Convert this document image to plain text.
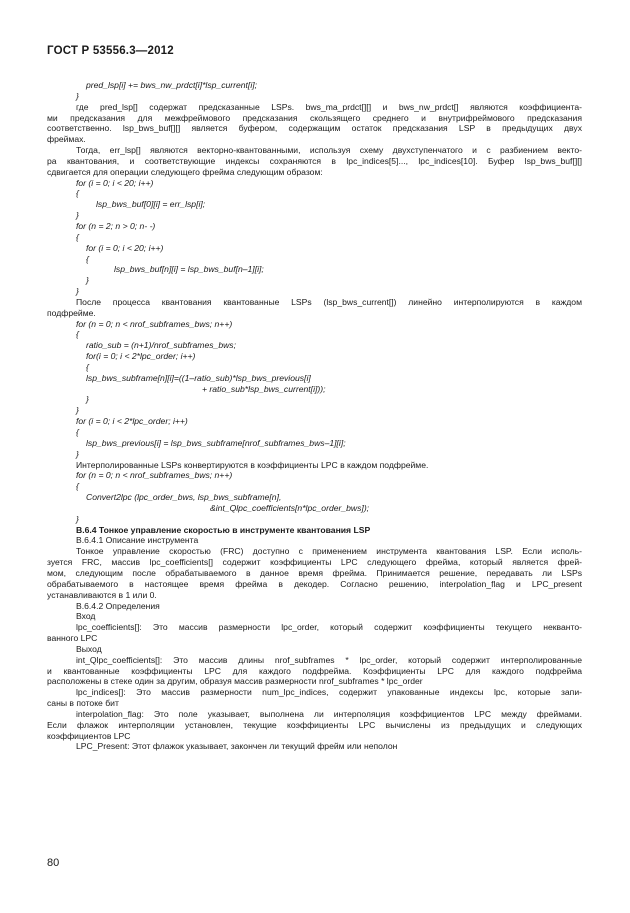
ГОСТ Р 53556.3—2012

pred_lsp[i] += bws_nw_prdct[i]*lsp_current[i];

}

где pred_lsp[] содержат предсказанные LSPs. bws_ma_prdct[][] и bws_nw_prdct[] являются коэффициента-

ми предсказания для межфреймового предсказания скользящего среднего и внутрифреймового предсказания

соответственно. lsp_bws_buf[][] является буфером, содержащим остаток предсказания LSP в предыдущих двух

фреймах.

Тогда, err_lsp[] являются векторно-квантованными, используя схему двухступенчатого и с разбиением векто-

ра квантования, и соответствующие индексы сохраняются в lpc_indices[5]..., lpc_indices[10]. Буфер lsp_bws_buf[][]

сдвигается для операции следующего фрейма следующим образом:

for (i = 0; i < 20; i++)

{

lsp_bws_buf[0][i] = err_lsp[i];

}

for (n = 2; n > 0; n- -)

{

for (i = 0; i < 20; i++)

{

lsp_bws_buf[n][i] = lsp_bws_buf[n–1][i];

}

}

После процесса квантования квантованные LSPs (lsp_bws_current[]) линейно интерполируются в каждом

подфрейме.

for (n = 0; n < nrof_subframes_bws; n++)

{

ratio_sub = (n+1)/nrof_subframes_bws;

for(i = 0; i < 2*lpc_order; i++)

{

lsp_bws_subframe[n][i]=((1–ratio_sub)*lsp_bws_previous[i]

+ ratio_sub*lsp_bws_current[i]));

}

}

for (i = 0; i < 2*lpc_order; i++)

{

lsp_bws_previous[i] = lsp_bws_subframe[nrof_subframes_bws–1][i];

}

Интерполированные LSPs конвертируются в коэффициенты LPC в каждом подфрейме.

for (n = 0; n < nrof_subframes_bws; n++)

{

Convert2lpc (lpc_order_bws, lsp_bws_subframe[n],

&int_Qlpc_coefficients[n*lpc_order_bws]);

}

B.6.4 Тонкое управление скоростью в инструменте квантования LSP

B.6.4.1 Описание инструмента

Тонкое управление скоростью (FRC) доступно с применением инструмента квантования LSP. Если исполь-

зуется FRC, массив lpc_coefficients[] содержит коэффициенты LPC следующего фрейма, который является фрей-

мом, следующим после обрабатываемого в данное время фрейма. Принимается решение, передавать ли LSPs

обрабатываемого в настоящее время фрейма в декодер. Согласно решению, interpolation_flag и LPC_present

устанавливаются в 1 или 0.

B.6.4.2 Определения

Вход

lpc_coefficients[]: Это массив размерности lpc_order, который содержит коэффициенты текущего некванто-

ванного LPC

Выход

int_Qlpc_coefficients[]: Это массив длины nrof_subframes * lpc_order, который содержит интерполированные

и квантованные коэффициенты LPC для каждого подфрейма. Коэффициенты LPC для каждого подфрейма

расположены в стеке один за другим, образуя массив размерности nrof_subframes * lpc_order

lpc_indices[]: Это массив размерности num_lpc_indices, содержит упакованные индексы lpc, которые запи-

саны в потоке бит

interpolation_flag: Это поле указывает, выполнена ли интерполяция коэффициентов LPC между фреймами.

Если флажок интерполяции установлен, текущие коэффициенты LPC вычислены из предыдущих и следующих

коэффициентов LPC

LPC_Present: Этот флажок указывает, закончен ли текущий фрейм или неполон

80
